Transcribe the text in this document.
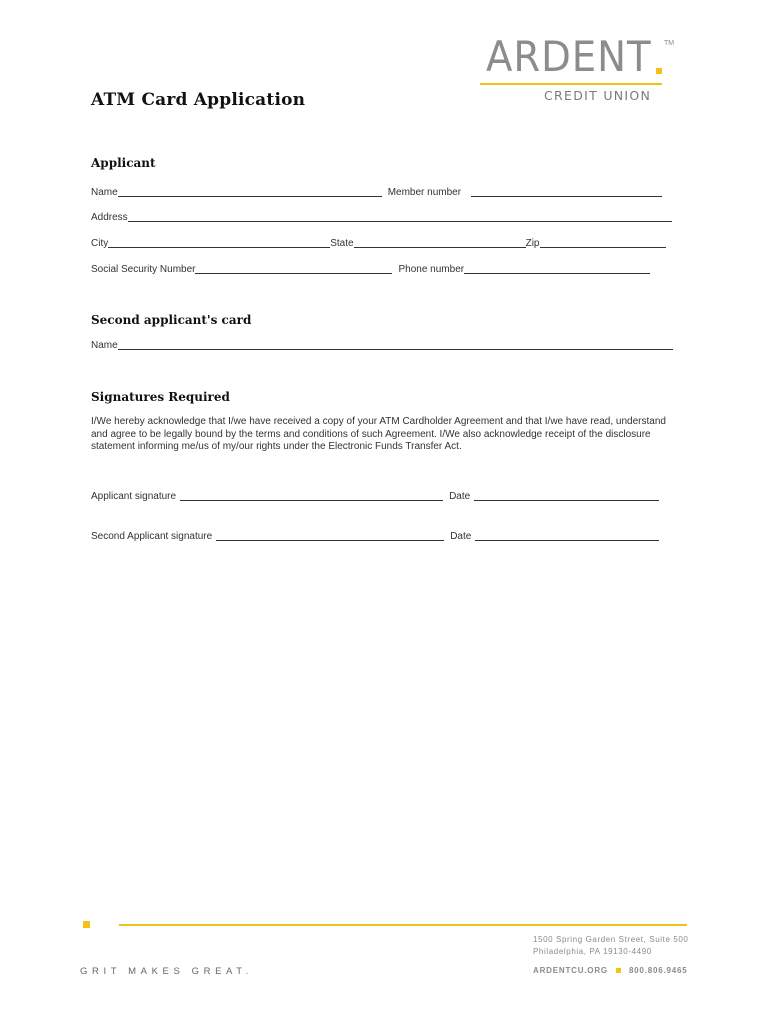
ARDENT TM
CREDIT UNION
ATM Card Application
Applicant
Name	Member number
Address
City	State	Zip
Social Security Number	Phone number
Second applicant's card
Name
Signatures Required
I/We hereby acknowledge that I/we have received a copy of your ATM Cardholder Agreement and that I/we have read, understand and agree to be legally bound by the terms and conditions of such Agreement. I/We also acknowledge receipt of the disclosure statement informing me/us of my/our rights under the Electronic Funds Transfer Act.
Applicant signature	Date
Second Applicant signature	Date
1500 Spring Garden Street, Suite 500
Philadelphia, PA 19130-4490
ARDENTCU.ORG	800.806.9465
GRIT MAKES GREAT.
